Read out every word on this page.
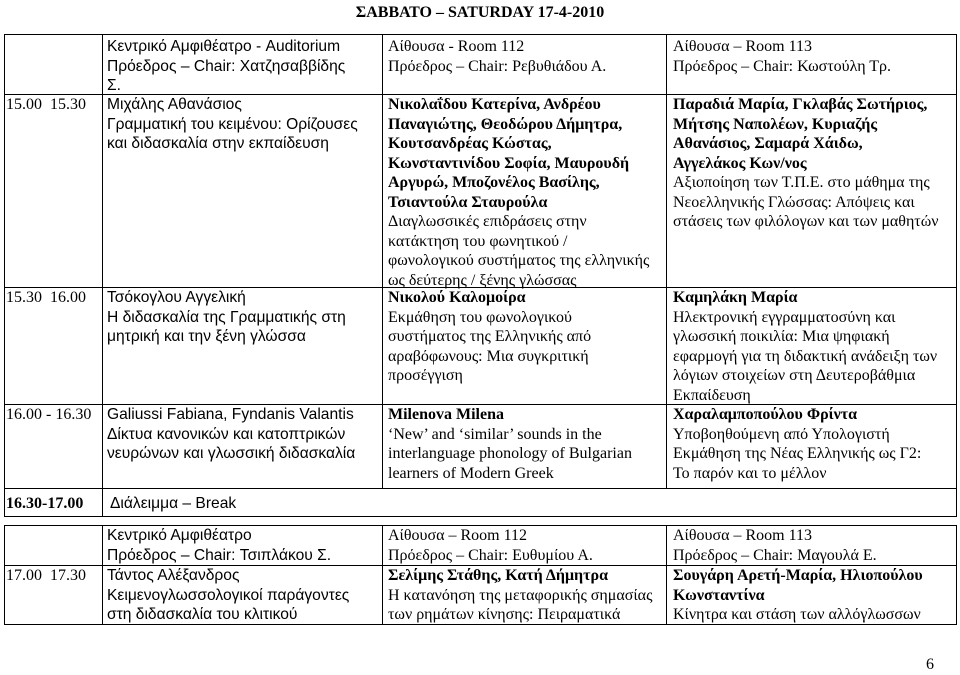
ΣΑΒΒΑΤΟ – SATURDAY 17-4-2010
Κεντρικό Αμφιθέατρο - Auditorium
Πρόεδρος – Chair: Χατζησαββίδης
Σ.
Αίθουσα - Room 112
Πρόεδρος – Chair: Ρεβυθιάδου Α.
Αίθουσα – Room 113
Πρόεδρος – Chair: Κωστούλη Τρ.
15.00  15.30 Μιχάλης Αθανάσιος
Γραμματική του κειμένου: Ορίζουσες
και διδασκαλία στην εκπαίδευση
Νικολαΐδου Κατερίνα, Ανδρέου
Παναγιώτης, Θεοδώρου Δήμητρα,
Κουτσανδρέας Κώστας,
Κωνσταντινίδου Σοφία, Μαυρουδή
Αργυρώ, Μποζονέλος Βασίλης,
Τσιαντούλα Σταυρούλα
Διαγλωσσικές επιδράσεις στην
κατάκτηση του φωνητικού /
φωνολογικού συστήματος της ελληνικής
ως δεύτερης / ξένης γλώσσας
Παραδιά Μαρία, Γκλαβάς Σωτήριος,
Μήτσης Ναπολέων, Κυριαζής
Αθανάσιος, Σαμαρά Χάιδω,
Αγγελάκος Κων/νος
Αξιοποίηση των Τ.Π.Ε. στο μάθημα της
Νεοελληνικής Γλώσσας: Απόψεις και
στάσεις των φιλόλογων και των μαθητών
15.30  16.00 Τσόκογλου Αγγελική
Η διδασκαλία της Γραμματικής στη
μητρική και την ξένη γλώσσα
Νικολού Καλομοίρα
Εκμάθηση του φωνολογικού
συστήματος της Ελληνικής από
αραβόφωνους: Μια συγκριτική
προσέγγιση
Καμηλάκη Μαρία
Ηλεκτρονική εγγραμματοσύνη και
γλωσσική ποικιλία: Μια ψηφιακή
εφαρμογή για τη διδακτική ανάδειξη των
λόγιων στοιχείων στη Δευτεροβάθμια
Εκπαίδευση
16.00 - 16.30 Galiussi Fabiana, Fyndanis Valantis
Δίκτυα κανονικών και κατοπτρικών
νευρώνων και γλωσσική διδασκαλία
Milenova Milena
‘New’ and ‘similar’ sounds in the
interlanguage phonology of Bulgarian
learners of Modern Greek
Χαραλαμποπούλου Φρίντα
Υποβοηθούμενη από Υπολογιστή
Εκμάθηση της Νέας Ελληνικής ως Γ2:
Το παρόν και το μέλλον
16.30-17.00 Διάλειμμα – Break
Κεντρικό Αμφιθέατρο
Πρόεδρος – Chair: Τσιπλάκου Σ.
Αίθουσα – Room 112
Πρόεδρος – Chair: Ευθυμίου Α.
Αίθουσα – Room 113
Πρόεδρος – Chair: Μαγουλά Ε.
17.00  17.30 Τάντος Αλέξανδρος
Κειμενογλωσσολογικοί παράγοντες
στη διδασκαλία του κλιτικού
Σελίμης Στάθης, Κατή Δήμητρα
Η κατανόηση της μεταφορικής σημασίας
των ρημάτων κίνησης: Πειραματικά
Σουγάρη Αρετή-Μαρία, Ηλιοπούλου
Κωνσταντίνα
Κίνητρα και στάση των αλλόγλωσσων
6
